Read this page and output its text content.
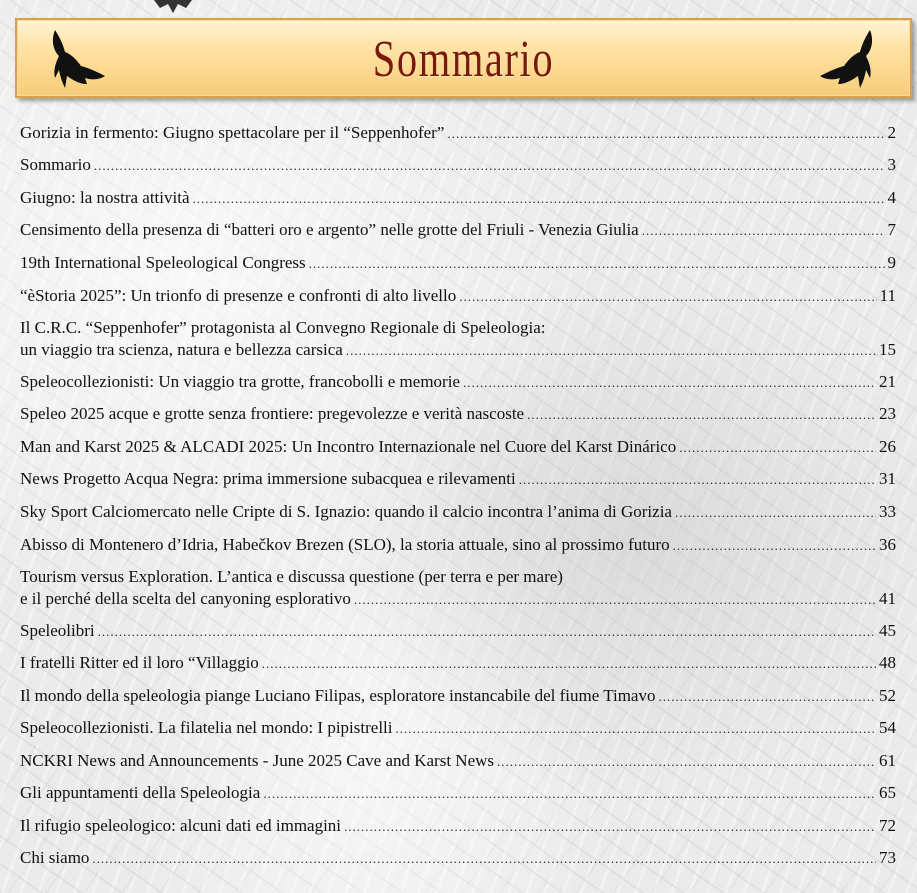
Sommario
Gorizia in fermento: Giugno spettacolare per il “Seppenhofer” .....	2
Sommario .....	3
Giugno: la nostra attività .....	4
Censimento della presenza di “batteri oro e argento” nelle grotte del Friuli - Venezia Giulia .....	7
19th International Speleological Congress .....	9
“èStoria 2025”: Un trionfo di presenze e confronti di alto livello .....	11
Il C.R.C. “Seppenhofer” protagonista al Convegno Regionale di Speleologia:
un viaggio tra scienza, natura e bellezza carsica .....	15
Speleocollezionisti: Un viaggio tra grotte, francobolli e memorie .....	21
Speleo 2025 acque e grotte senza frontiere: pregevolezze e verità nascoste .....	23
Man and Karst 2025 & ALCADI 2025: Un Incontro Internazionale nel Cuore del Karst Dinárico .....	26
News Progetto Acqua Negra: prima immersione subacquea e rilevamenti .....	31
Sky Sport Calciomercato nelle Cripte di S. Ignazio: quando il calcio incontra l’anima di Gorizia .....	33
Abisso di Montenero d’Idria, Habečkov Brezen (SLO), la storia attuale, sino al prossimo futuro .....	36
Tourism versus Exploration. L’antica e discussa questione (per terra e per mare)
e il perché della scelta del canyoning esplorativo .....	41
Speleolibri .....	45
I fratelli Ritter ed il loro “Villaggio .....	48
Il mondo della speleologia piange Luciano Filipas, esploratore instancabile del fiume Timavo .....	52
Speleocollezionisti. La filatelia nel mondo: I pipistrelli .....	54
NCKRI News and Announcements - June 2025 Cave and Karst News .....	61
Gli appuntamenti della Speleologia .....	65
Il rifugio speleologico: alcuni dati ed immagini .....	72
Chi siamo .....	73
